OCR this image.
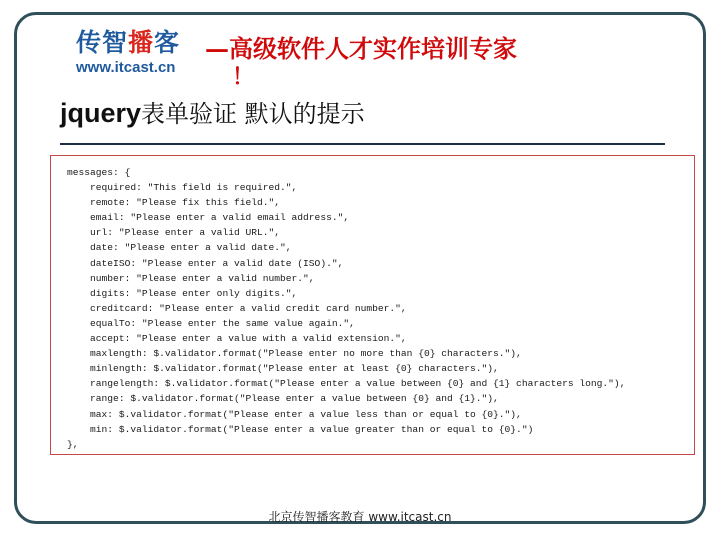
传智播客
www.itcast.cn
—高级软件人才实作培训专家
！
jquery表单验证 默认的提示
messages: {
required: "This field is required.",
remote: "Please fix this field.",
email: "Please enter a valid email address.",
url: "Please enter a valid URL.",
date: "Please enter a valid date.",
dateISO: "Please enter a valid date (ISO).",
number: "Please enter a valid number.",
digits: "Please enter only digits.",
creditcard: "Please enter a valid credit card number.",
equalTo: "Please enter the same value again.",
accept: "Please enter a value with a valid extension.",
maxlength: $.validator.format("Please enter no more than {0} characters."),
minlength: $.validator.format("Please enter at least {0} characters."),
rangelength: $.validator.format("Please enter a value between {0} and {1} characters long."),
range: $.validator.format("Please enter a value between {0} and {1}."),
max: $.validator.format("Please enter a value less than or equal to {0}."),
min: $.validator.format("Please enter a value greater than or equal to {0}.")
},
北京传智播客教育 www.itcast.cn
